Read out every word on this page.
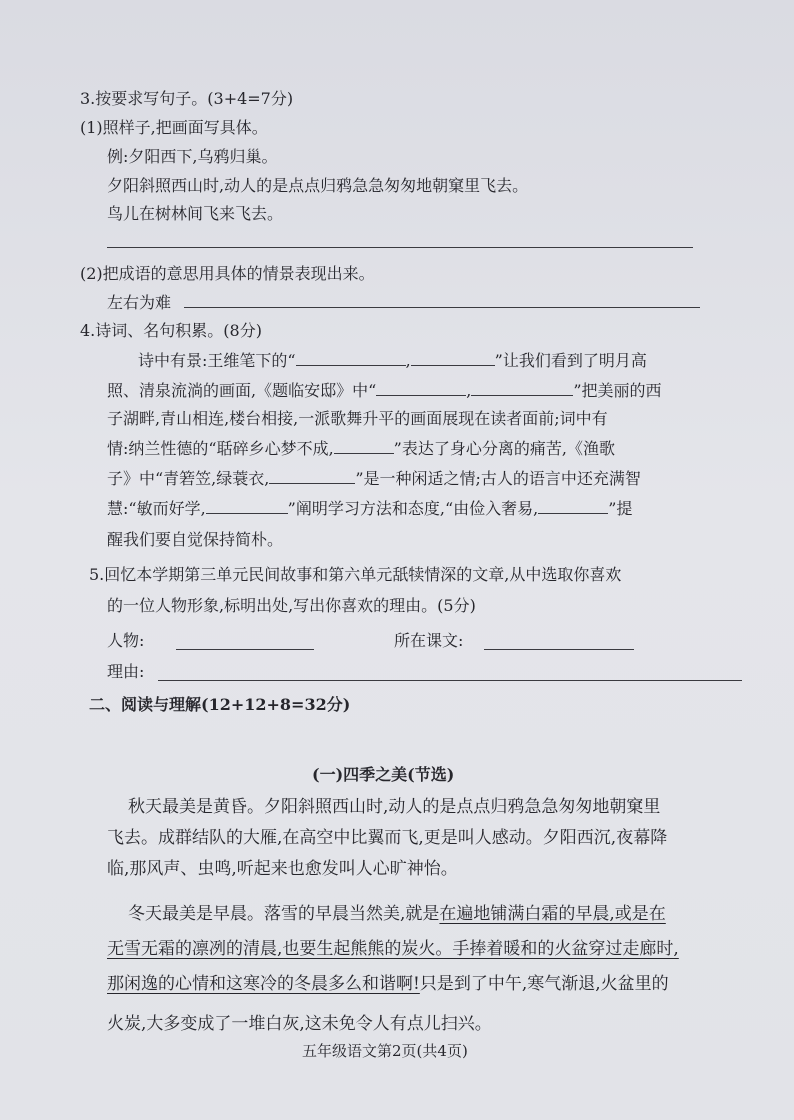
3.按要求写句子。(3+4=7分)
(1)照样子,把画面写具体。
例:夕阳西下,乌鸦归巢。
夕阳斜照西山时,动人的是点点归鸦急急匆匆地朝窠里飞去。
鸟儿在树林间飞来飞去。
(2)把成语的意思用具体的情景表现出来。
左右为难
4.诗词、名句积累。(8分)
诗中有景:王维笔下的“	,	”让我们看到了明月高
照、清泉流淌的画面,《题临安邸》中“	,	”把美丽的西
子湖畔,青山相连,楼台相接,一派歌舞升平的画面展现在读者面前;词中有
情:纳兰性德的“聒碎乡心梦不成,	”表达了身心分离的痛苦,《渔歌
子》中“青箬笠,绿蓑衣,	”是一种闲适之情;古人的语言中还充满智
慧:“敏而好学,	”阐明学习方法和态度,“由俭入奢易,	”提
醒我们要自觉保持简朴。
5.回忆本学期第三单元民间故事和第六单元舐犊情深的文章,从中选取你喜欢
的一位人物形象,标明出处,写出你喜欢的理由。(5分)
人物:	所在课文:
理由:
二、阅读与理解(12+12+8=32分)
(一)四季之美(节选)
秋天最美是黄昏。夕阳斜照西山时,动人的是点点归鸦急急匆匆地朝窠里
飞去。成群结队的大雁,在高空中比翼而飞,更是叫人感动。夕阳西沉,夜幕降
临,那风声、虫鸣,听起来也愈发叫人心旷神怡。
冬天最美是早晨。落雪的早晨当然美,就是在遍地铺满白霜的早晨,或是在
无雪无霜的凛冽的清晨,也要生起熊熊的炭火。手捧着暖和的火盆穿过走廊时,
那闲逸的心情和这寒冷的冬晨多么和谐啊!只是到了中午,寒气渐退,火盆里的
火炭,大多变成了一堆白灰,这未免令人有点儿扫兴。
五年级语文第2页(共4页)
